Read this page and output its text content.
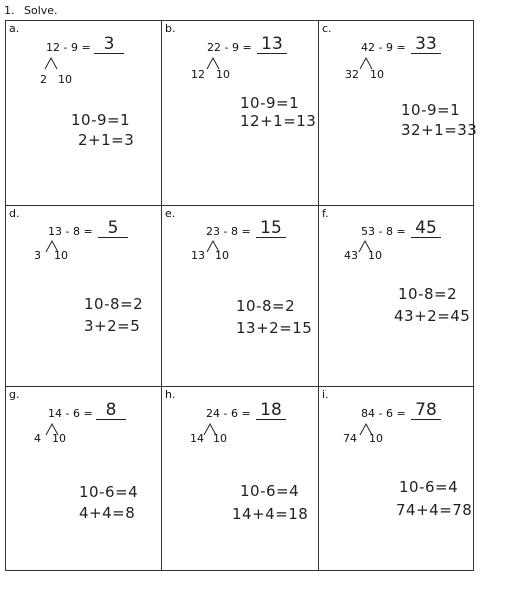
1. Solve.
a.
12 - 9 = 3
2 10
10-9=1
2+1=3
b.
22 - 9 = 13
12 10
10-9=1
12+1=13
c.
42 - 9 = 33
32 10
10-9=1
32+1=33
d.
13 - 8 = 5
3 10
10-8=2
3+2=5
e.
23 - 8 = 15
13 10
10-8=2
13+2=15
f.
53 - 8 = 45
43 10
10-8=2
43+2=45
g.
14 - 6 = 8
4 10
10-6=4
4+4=8
h.
24 - 6 = 18
14 10
10-6=4
14+4=18
i.
84 - 6 = 78
74 10
10-6=4
74+4=78
